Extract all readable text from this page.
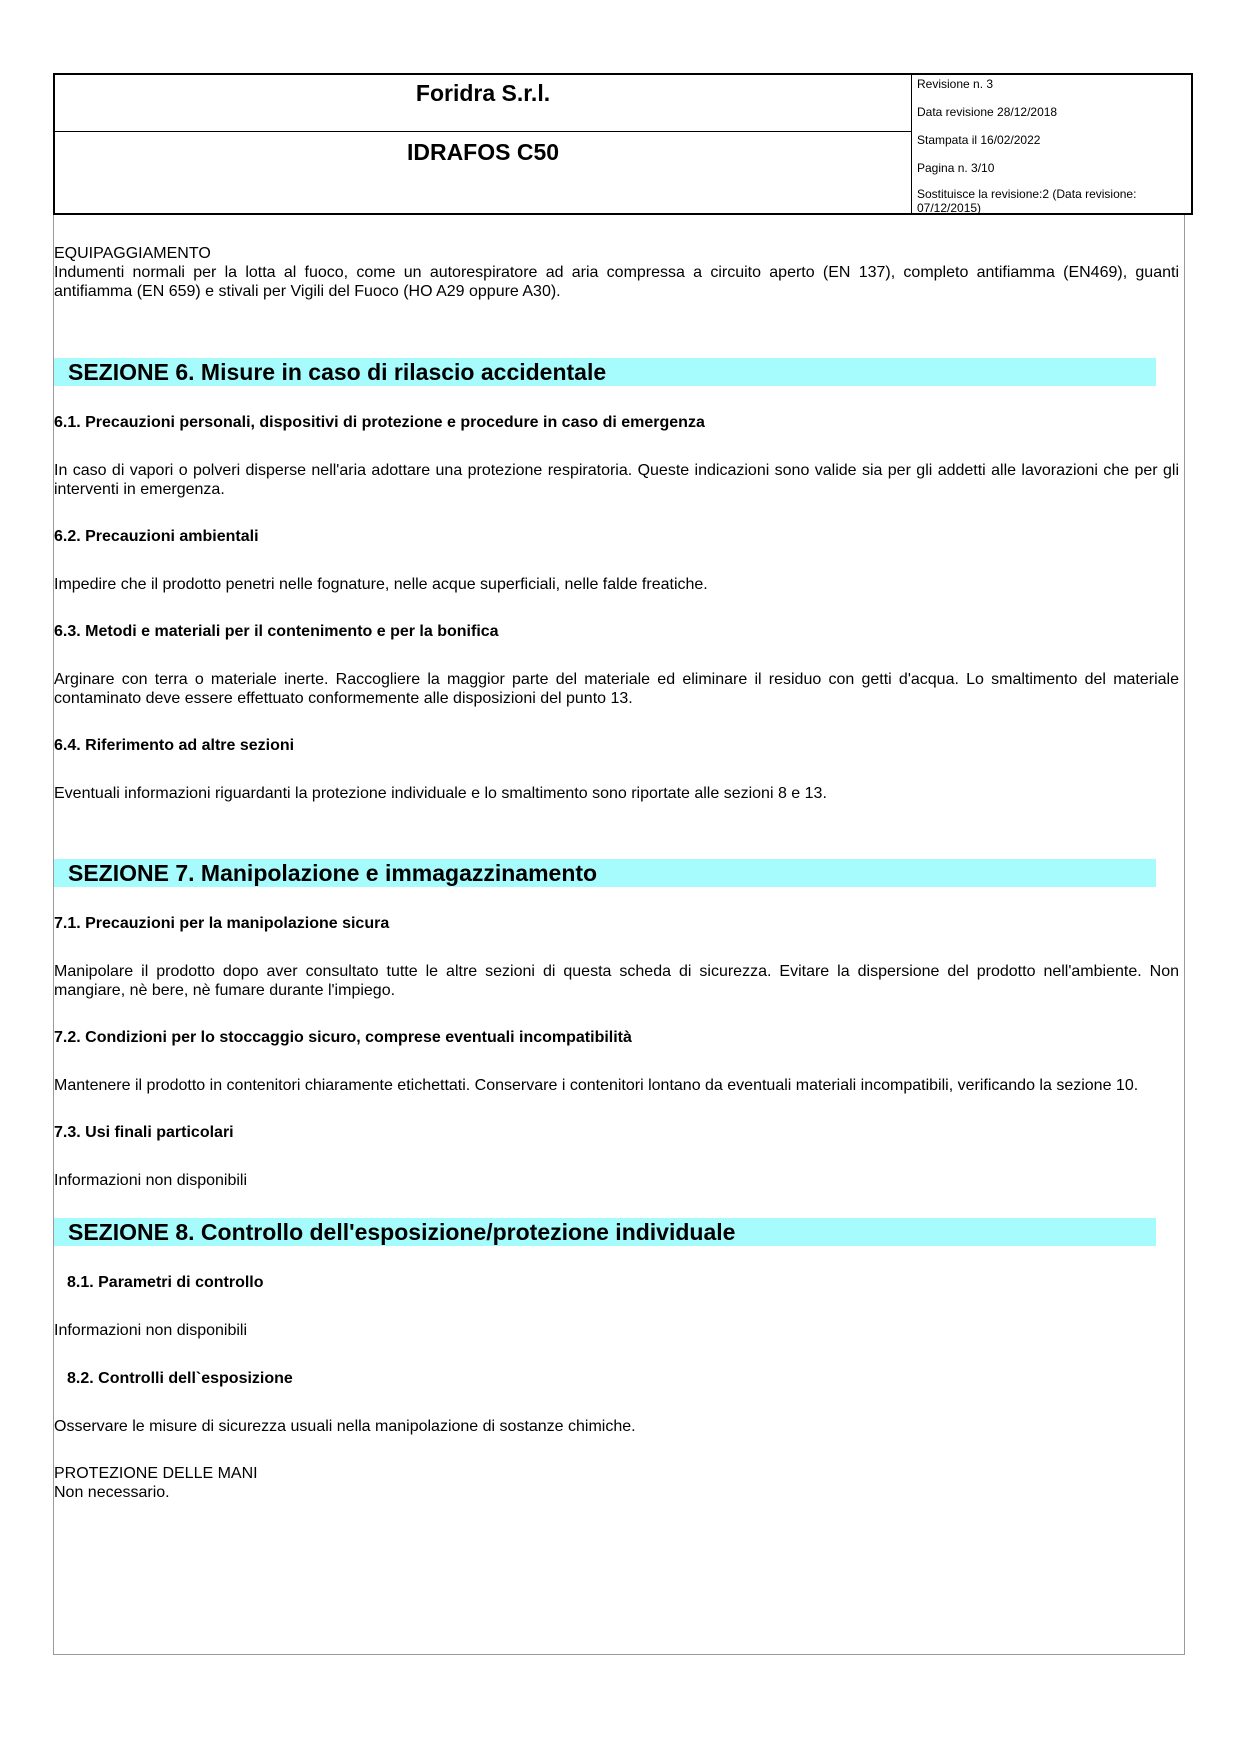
Foridra S.r.l.
IDRAFOS C50
Revisione n. 3
Data revisione 28/12/2018
Stampata il 16/02/2022
Pagina n. 3/10
Sostituisce la revisione:2 (Data revisione: 07/12/2015)

EQUIPAGGIAMENTO

Indumenti normali per la lotta al fuoco, come un autorespiratore ad aria compressa a circuito aperto (EN 137), completo antifiamma (EN469), guanti antifiamma (EN 659) e stivali per Vigili del Fuoco (HO A29 oppure A30).

SEZIONE 6. Misure in caso di rilascio accidentale

6.1. Precauzioni personali, dispositivi di protezione e procedure in caso di emergenza

In caso di vapori o polveri disperse nell'aria adottare una protezione respiratoria. Queste indicazioni sono valide sia per gli addetti alle lavorazioni che per gli interventi in emergenza.

6.2. Precauzioni ambientali

Impedire che il prodotto penetri nelle fognature, nelle acque superficiali, nelle falde freatiche.

6.3. Metodi e materiali per il contenimento e per la bonifica

Arginare con terra o materiale inerte. Raccogliere la maggior parte del materiale ed eliminare il residuo con getti d'acqua. Lo smaltimento del materiale contaminato deve essere effettuato conformemente alle disposizioni del punto 13.

6.4. Riferimento ad altre sezioni

Eventuali informazioni riguardanti la protezione individuale e lo smaltimento sono riportate alle sezioni 8 e 13.

SEZIONE 7. Manipolazione e immagazzinamento

7.1. Precauzioni per la manipolazione sicura

Manipolare il prodotto dopo aver consultato tutte le altre sezioni di questa scheda di sicurezza. Evitare la dispersione del prodotto nell'ambiente. Non mangiare, nè bere, nè fumare durante l'impiego.

7.2. Condizioni per lo stoccaggio sicuro, comprese eventuali incompatibilità

Mantenere il prodotto in contenitori chiaramente etichettati. Conservare i contenitori lontano da eventuali materiali incompatibili, verificando la sezione 10.

7.3. Usi finali particolari

Informazioni non disponibili

SEZIONE 8. Controllo dell'esposizione/protezione individuale

8.1. Parametri di controllo

Informazioni non disponibili

8.2. Controlli dell`esposizione

Osservare le misure di sicurezza usuali nella manipolazione di sostanze chimiche.

PROTEZIONE DELLE MANI

Non necessario.
